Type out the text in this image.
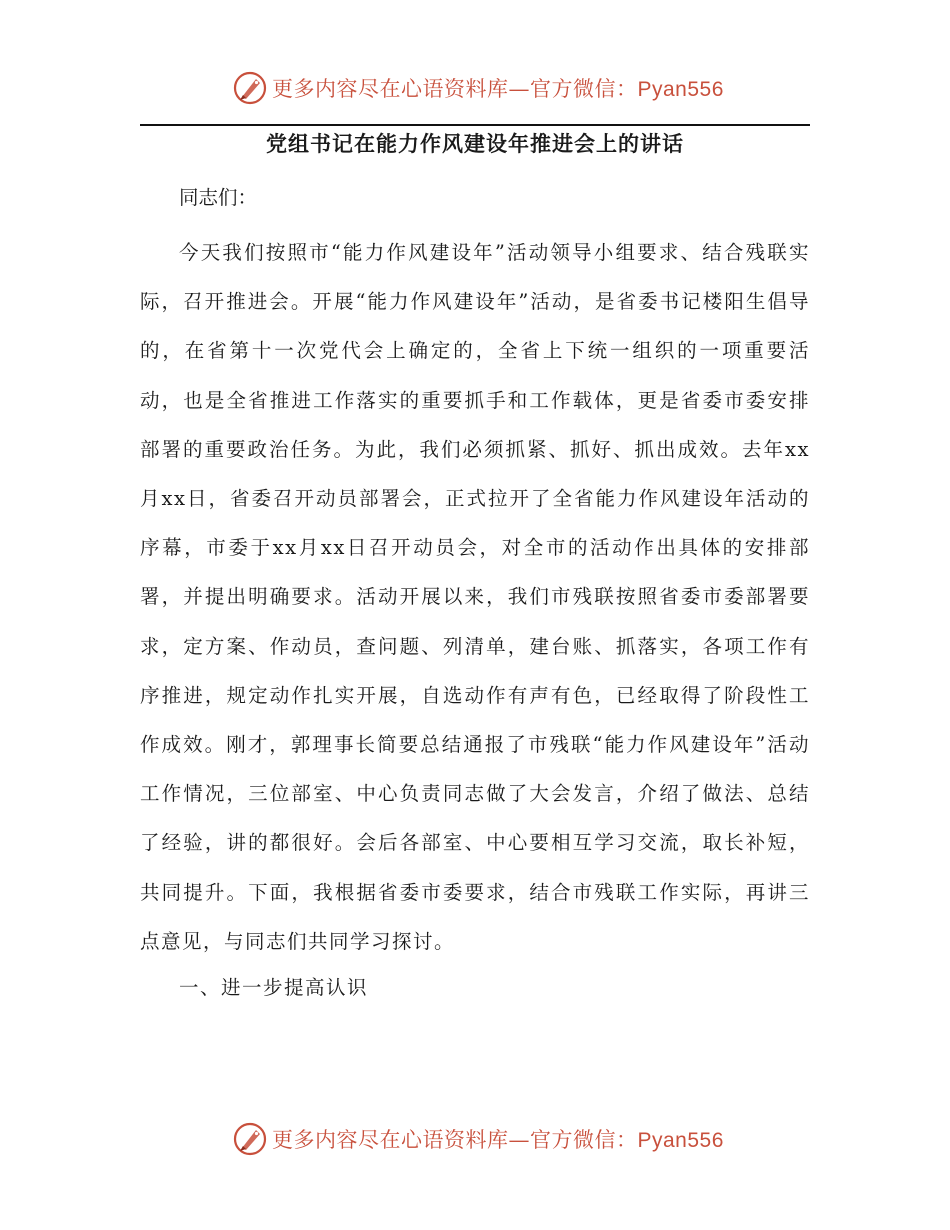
更多内容尽在心语资料库—官方微信：Pyan556
党组书记在能力作风建设年推进会上的讲话

同志们：

今天我们按照市“能力作风建设年”活动领导小组要求、结合残联实际，召开推进会。开展“能力作风建设年”活动，是省委书记楼阳生倡导的，在省第十一次党代会上确定的，全省上下统一组织的一项重要活动，也是全省推进工作落实的重要抓手和工作载体，更是省委市委安排部署的重要政治任务。为此，我们必须抓紧、抓好、抓出成效。去年xx月xx日，省委召开动员部署会，正式拉开了全省能力作风建设年活动的序幕，市委于xx月xx日召开动员会，对全市的活动作出具体的安排部署，并提出明确要求。活动开展以来，我们市残联按照省委市委部署要求，定方案、作动员，查问题、列清单，建台账、抓落实，各项工作有序推进，规定动作扎实开展，自选动作有声有色，已经取得了阶段性工作成效。刚才，郭理事长简要总结通报了市残联“能力作风建设年”活动工作情况，三位部室、中心负责同志做了大会发言，介绍了做法、总结了经验，讲的都很好。会后各部室、中心要相互学习交流，取长补短，共同提升。下面，我根据省委市委要求，结合市残联工作实际，再讲三点意见，与同志们共同学习探讨。

一、进一步提高认识

更多内容尽在心语资料库—官方微信：Pyan556
